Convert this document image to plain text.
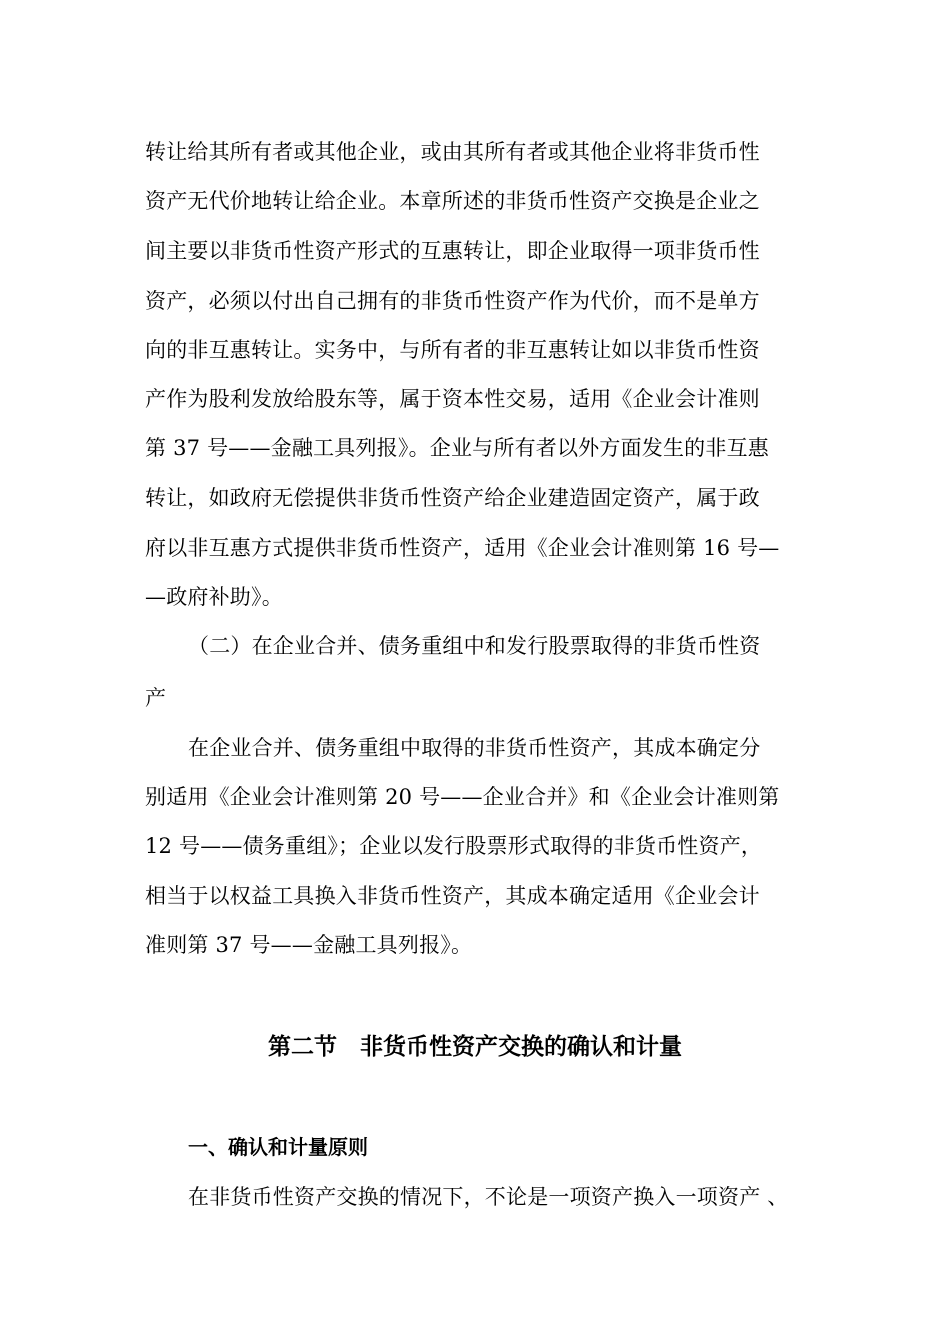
转让给其所有者或其他企业，或由其所有者或其他企业将非货币性
资产无代价地转让给企业。本章所述的非货币性资产交换是企业之
间主要以非货币性资产形式的互惠转让，即企业取得一项非货币性
资产，必须以付出自己拥有的非货币性资产作为代价，而不是单方
向的非互惠转让。实务中，与所有者的非互惠转让如以非货币性资
产作为股利发放给股东等，属于资本性交易，适用《企业会计准则
第 37 号——金融工具列报》。企业与所有者以外方面发生的非互惠
转让，如政府无偿提供非货币性资产给企业建造固定资产，属于政
府以非互惠方式提供非货币性资产，适用《企业会计准则第 16 号—
—政府补助》。
（二）在企业合并、债务重组中和发行股票取得的非货币性资
产
在企业合并、债务重组中取得的非货币性资产，其成本确定分
别适用《企业会计准则第 20 号——企业合并》和《企业会计准则第
12 号——债务重组》；企业以发行股票形式取得的非货币性资产，
相当于以权益工具换入非货币性资产，其成本确定适用《企业会计
准则第 37 号——金融工具列报》。
第二节　非货币性资产交换的确认和计量
一、确认和计量原则
在非货币性资产交换的情况下，不论是一项资产换入一项资产 、
